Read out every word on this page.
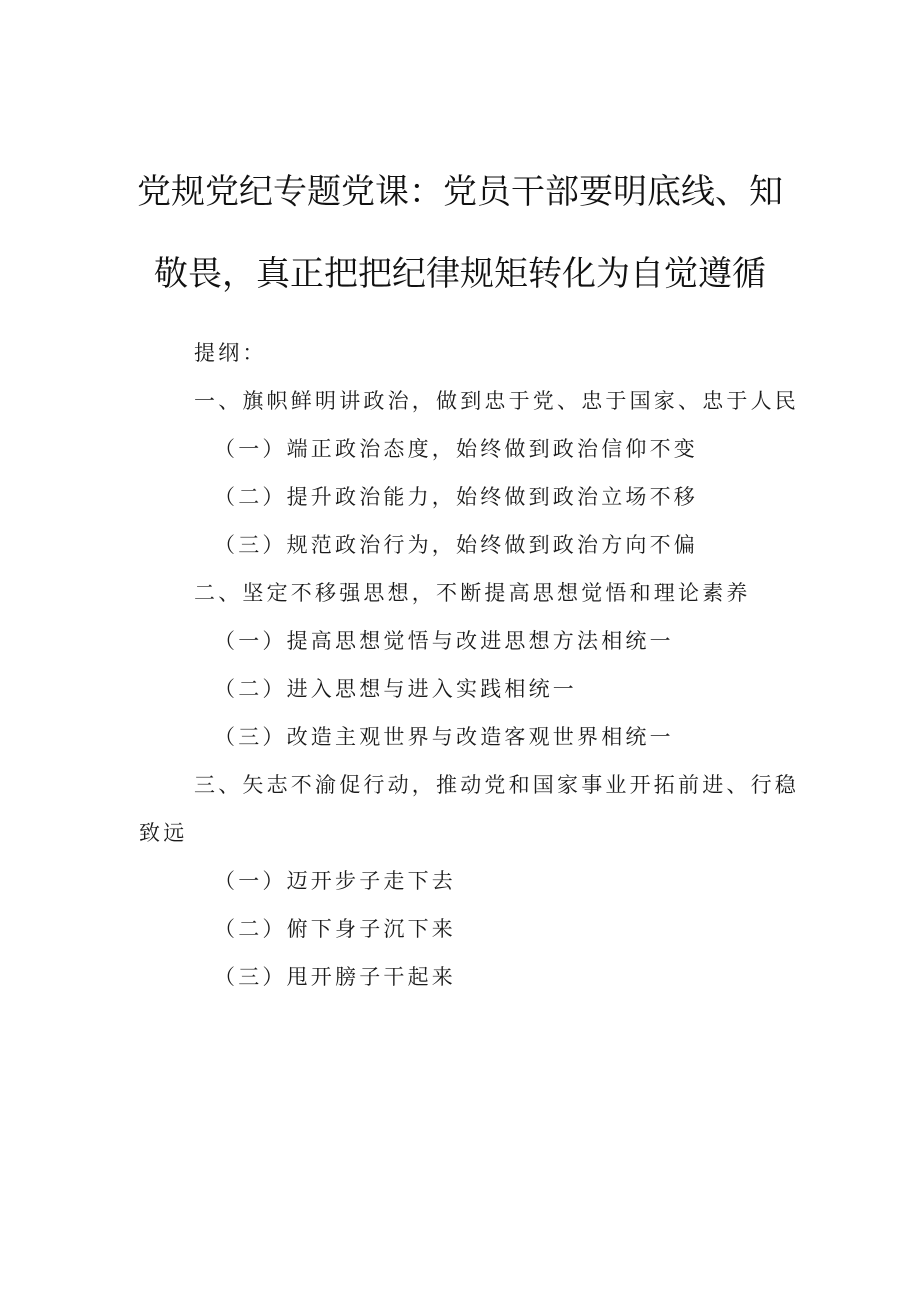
党规党纪专题党课：党员干部要明底线、知
敬畏，真正把把纪律规矩转化为自觉遵循
提纲：
一、旗帜鲜明讲政治，做到忠于党、忠于国家、忠于人民
（一）端正政治态度，始终做到政治信仰不变
（二）提升政治能力，始终做到政治立场不移
（三）规范政治行为，始终做到政治方向不偏
二、坚定不移强思想，不断提高思想觉悟和理论素养
（一）提高思想觉悟与改进思想方法相统一
（二）进入思想与进入实践相统一
（三）改造主观世界与改造客观世界相统一
三、矢志不渝促行动，推动党和国家事业开拓前进、行稳
致远
（一）迈开步子走下去
（二）俯下身子沉下来
（三）甩开膀子干起来
